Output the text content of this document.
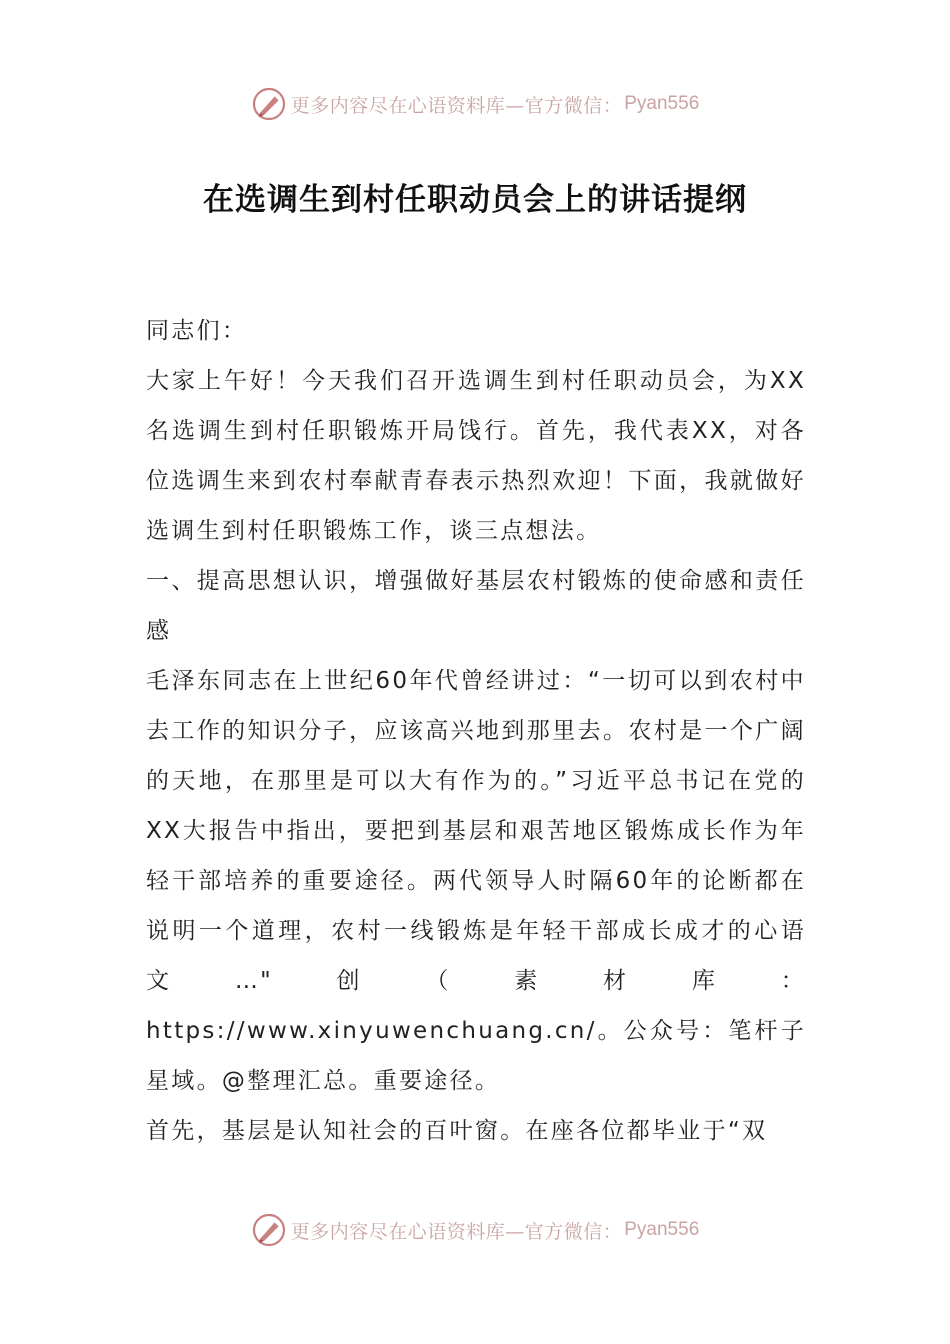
更多内容尽在心语资料库—官方微信： Pyan556
在选调生到村任职动员会上的讲话提纲

同志们：

大家上午好！今天我们召开选调生到村任职动员会，为XX名选调生到村任职锻炼开局饯行。首先，我代表XX，对各位选调生来到农村奉献青春表示热烈欢迎！下面，我就做好选调生到村任职锻炼工作，谈三点想法。

一、提高思想认识，增强做好基层农村锻炼的使命感和责任感

毛泽东同志在上世纪60年代曾经讲过：“一切可以到农村中去工作的知识分子，应该高兴地到那里去。农村是一个广阔的天地，在那里是可以大有作为的。”习近平总书记在党的XX大报告中指出，要把到基层和艰苦地区锻炼成长作为年轻干部培养的重要途径。两代领导人时隔60年的论断都在说明一个道理，农村一线锻炼是年轻干部成长成才的心语文…"创（素材库：https://www.xinyuwenchuang.cn/。公众号：笔杆子星域。@整理汇总。重要途径。

首先，基层是认知社会的百叶窗。在座各位都毕业于“双

更多内容尽在心语资料库—官方微信： Pyan556
